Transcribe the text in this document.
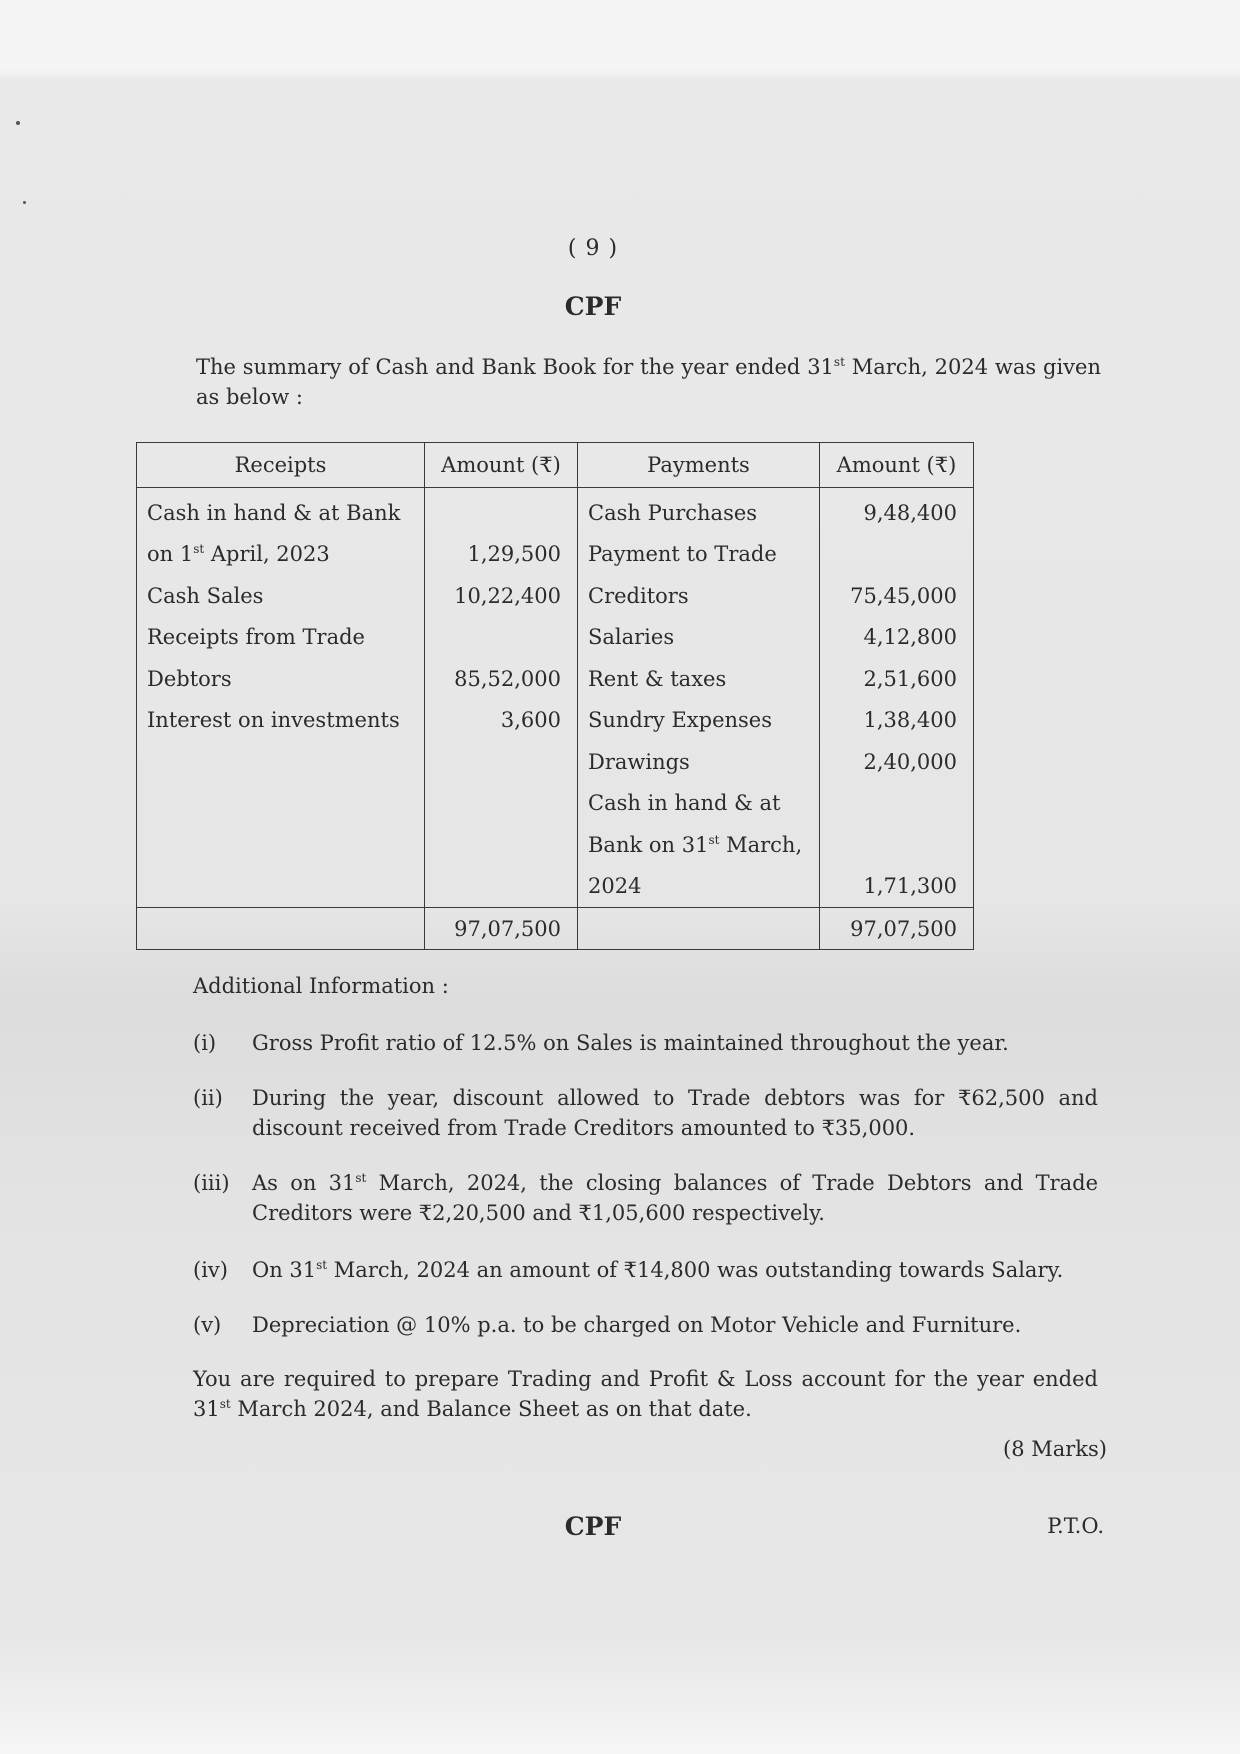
( 9 )
CPF
The summary of Cash and Bank Book for the year ended 31st March, 2024 was given as below :
Receipts	Amount (₹)	Payments	Amount (₹)
Cash in hand & at Bank		Cash Purchases	9,48,400
on 1st April, 2023	1,29,500	Payment to Trade	
Cash Sales	10,22,400	Creditors	75,45,000
Receipts from Trade		Salaries	4,12,800
Debtors	85,52,000	Rent & taxes	2,51,600
Interest on investments	3,600	Sundry Expenses	1,38,400
		Drawings	2,40,000
		Cash in hand & at	
		Bank on 31st March,	
		2024	1,71,300
	97,07,500		97,07,500
Additional Information :
(i) Gross Profit ratio of 12.5% on Sales is maintained throughout the year.
(ii) During the year, discount allowed to Trade debtors was for ₹62,500 and discount received from Trade Creditors amounted to ₹35,000.
(iii) As on 31st March, 2024, the closing balances of Trade Debtors and Trade Creditors were ₹2,20,500 and ₹1,05,600 respectively.
(iv) On 31st March, 2024 an amount of ₹14,800 was outstanding towards Salary.
(v) Depreciation @ 10% p.a. to be charged on Motor Vehicle and Furniture.
You are required to prepare Trading and Profit & Loss account for the year ended 31st March 2024, and Balance Sheet as on that date.
(8 Marks)
CPF	P.T.O.
